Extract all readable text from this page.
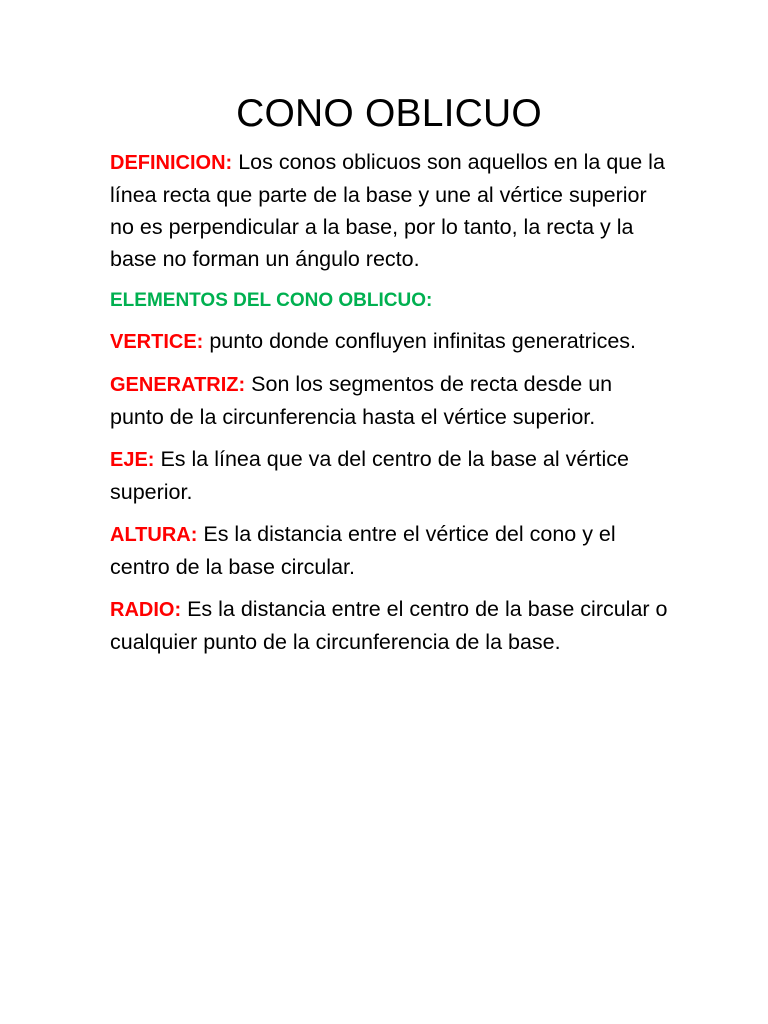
CONO OBLICUO

DEFINICION: Los conos oblicuos son aquellos en la que la línea recta que parte de la base y une al vértice superior no es perpendicular a la base, por lo tanto, la recta y la base no forman un ángulo recto.

ELEMENTOS DEL CONO OBLICUO:

VERTICE: punto donde confluyen infinitas generatrices.

GENERATRIZ: Son los segmentos de recta desde un punto de la circunferencia hasta el vértice superior.

EJE: Es la línea que va del centro de la base al vértice superior.

ALTURA: Es la distancia entre el vértice del cono y el centro de la base circular.

RADIO: Es la distancia entre el centro de la base circular o cualquier punto de la circunferencia de la base.
